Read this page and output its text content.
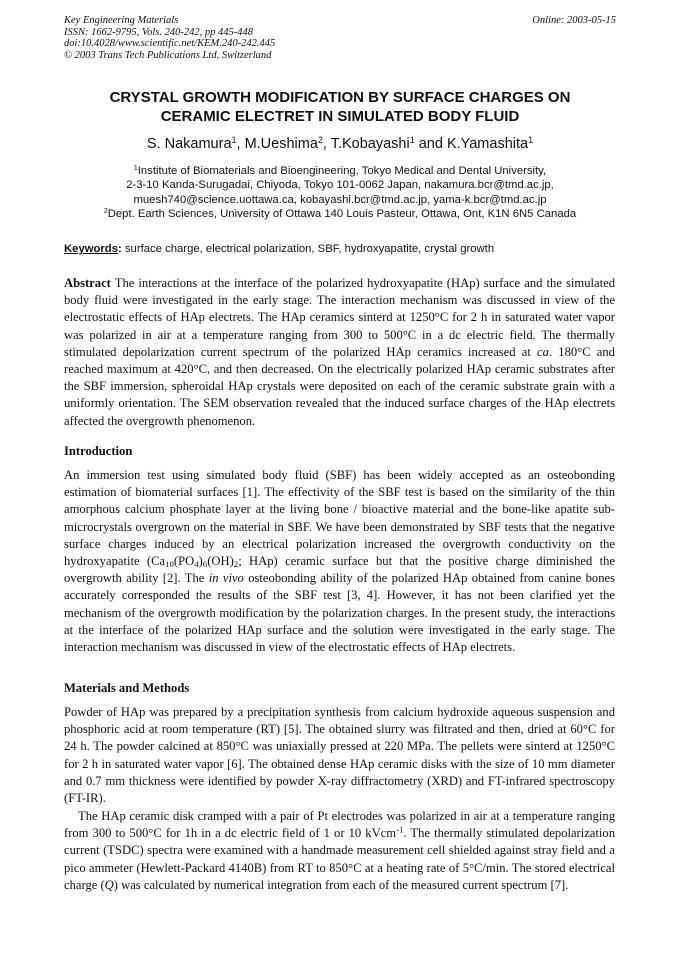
Key Engineering Materials
ISSN: 1662-9795, Vols. 240-242, pp 445-448
doi:10.4028/www.scientific.net/KEM.240-242.445
© 2003 Trans Tech Publications Ltd, Switzerland
Online: 2003-05-15
CRYSTAL GROWTH MODIFICATION BY SURFACE CHARGES ON
CERAMIC ELECTRET IN SIMULATED BODY FLUID
S. Nakamura$^1$, M.Ueshima$^2$, T.Kobayashi$^1$ and K.Yamashita$^1$
$^1$Institute of Biomaterials and Bioengineering, Tokyo Medical and Dental University,
2-3-10 Kanda-Surugadai, Chiyoda, Tokyo 101-0062 Japan, nakamura.bcr@tmd.ac.jp,
muesh740@science.uottawa.ca, kobayashi.bcr@tmd.ac.jp, yama-k.bcr@tmd.ac.jp
$^2$Dept. Earth Sciences, University of Ottawa 140 Louis Pasteur, Ottawa, Ont, K1N 6N5 Canada
Keywords: surface charge, electrical polarization, SBF, hydroxyapatite, crystal growth
Abstract The interactions at the interface of the polarized hydroxyapatite (HAp) surface and the simulated body fluid were investigated in the early stage. The interaction mechanism was discussed in view of the electrostatic effects of HAp electrets. The HAp ceramics sinterd at 1250°C for 2 h in saturated water vapor was polarized in air at a temperature ranging from 300 to 500°C in a dc electric field. The thermally stimulated depolarization current spectrum of the polarized HAp ceramics increased at ca. 180°C and reached maximum at 420°C, and then decreased. On the electrically polarized HAp ceramic substrates after the SBF immersion, spheroidal HAp crystals were deposited on each of the ceramic substrate grain with a uniformly orientation. The SEM observation revealed that the induced surface charges of the HAp electrets affected the overgrowth phenomenon.
Introduction
An immersion test using simulated body fluid (SBF) has been widely accepted as an osteobonding estimation of biomaterial surfaces [1]. The effectivity of the SBF test is based on the similarity of the thin amorphous calcium phosphate layer at the living bone / bioactive material and the bone-like apatite sub-microcrystals overgrown on the material in SBF. We have been demonstrated by SBF tests that the negative surface charges induced by an electrical polarization increased the overgrowth conductivity on the hydroxyapatite ($Ca_{10}(PO_4)_6(OH)_2$; HAp) ceramic surface but that the positive charge diminished the overgrowth ability [2]. The in vivo osteobonding ability of the polarized HAp obtained from canine bones accurately corresponded the results of the SBF test [3, 4]. However, it has not been clarified yet the mechanism of the overgrowth modification by the polarization charges. In the present study, the interactions at the interface of the polarized HAp surface and the solution were investigated in the early stage. The interaction mechanism was discussed in view of the electrostatic effects of HAp electrets.
Materials and Methods
Powder of HAp was prepared by a precipitation synthesis from calcium hydroxide aqueous suspension and phosphoric acid at room temperature (RT) [5]. The obtained slurry was filtrated and then, dried at 60°C for 24 h. The powder calcined at 850°C was uniaxially pressed at 220 MPa. The pellets were sinterd at 1250°C for 2 h in saturated water vapor [6]. The obtained dense HAp ceramic disks with the size of 10 mm diameter and 0.7 mm thickness were identified by powder X-ray diffractometry (XRD) and FT-infrared spectroscopy (FT-IR).
The HAp ceramic disk cramped with a pair of Pt electrodes was polarized in air at a temperature ranging from 300 to 500°C for 1h in a dc electric field of 1 or 10 kVcm$^{-1}$. The thermally stimulated depolarization current (TSDC) spectra were examined with a handmade measurement cell shielded against stray field and a pico ammeter (Hewlett-Packard 4140B) from RT to 850°C at a heating rate of 5°C/min. The stored electrical charge (Q) was calculated by numerical integration from each of the measured current spectrum [7].
